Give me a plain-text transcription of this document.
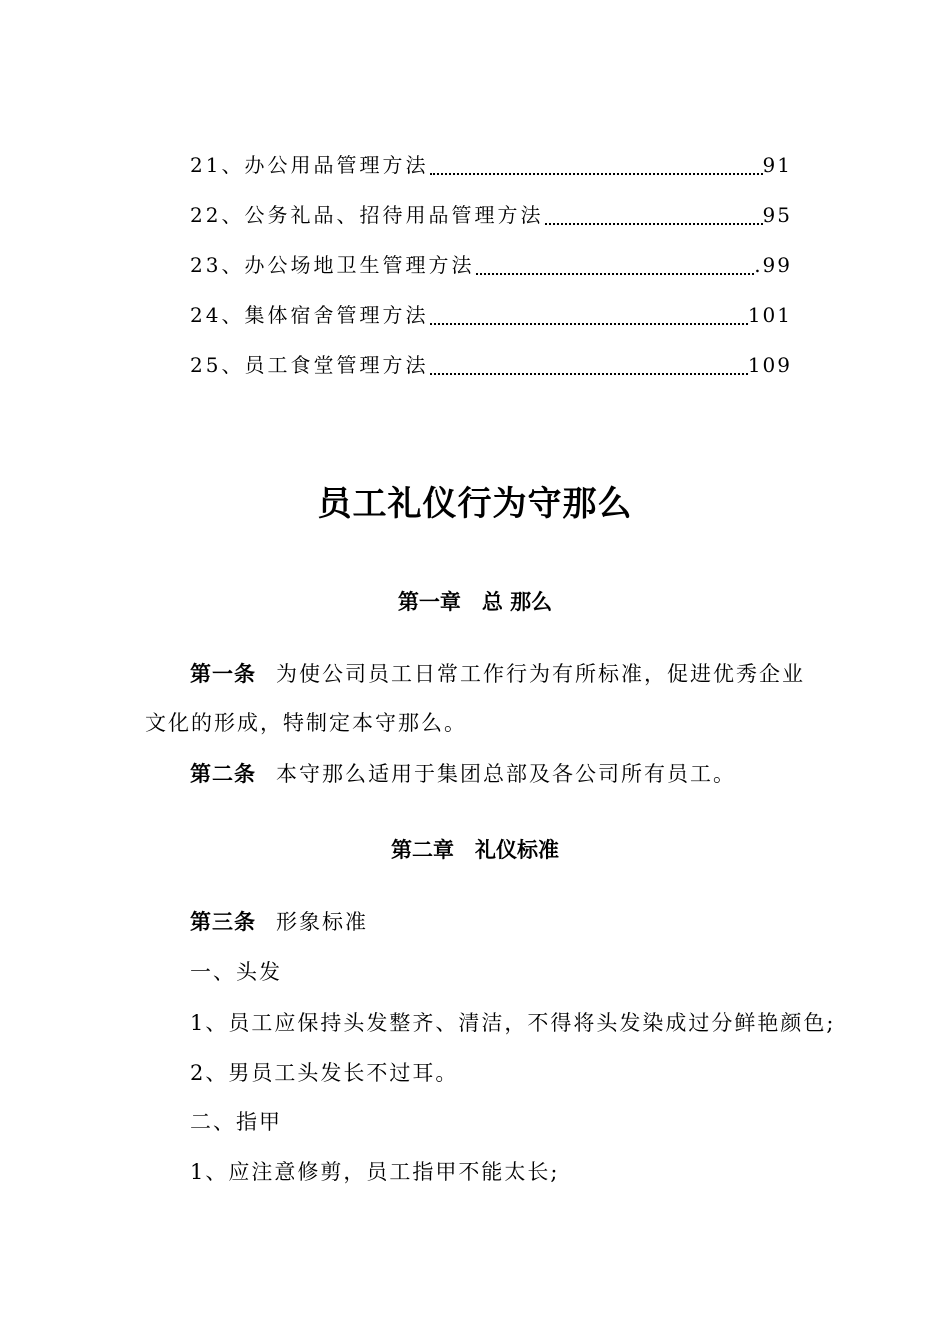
21、办公用品管理方法	91
22、公务礼品、招待用品管理方法	95
23、办公场地卫生管理方法	.99
24、集体宿舍管理方法	101
25、员工食堂管理方法	109
员工礼仪行为守那么
第一章　总 那么
第一条 为使公司员工日常工作行为有所标准，促进优秀企业
文化的形成，特制定本守那么。
第二条 本守那么适用于集团总部及各公司所有员工。
第二章　礼仪标准
第三条 形象标准
一、头发
1、员工应保持头发整齐、清洁，不得将头发染成过分鲜艳颜色;
2、男员工头发长不过耳。
二、指甲
1、应注意修剪，员工指甲不能太长;
